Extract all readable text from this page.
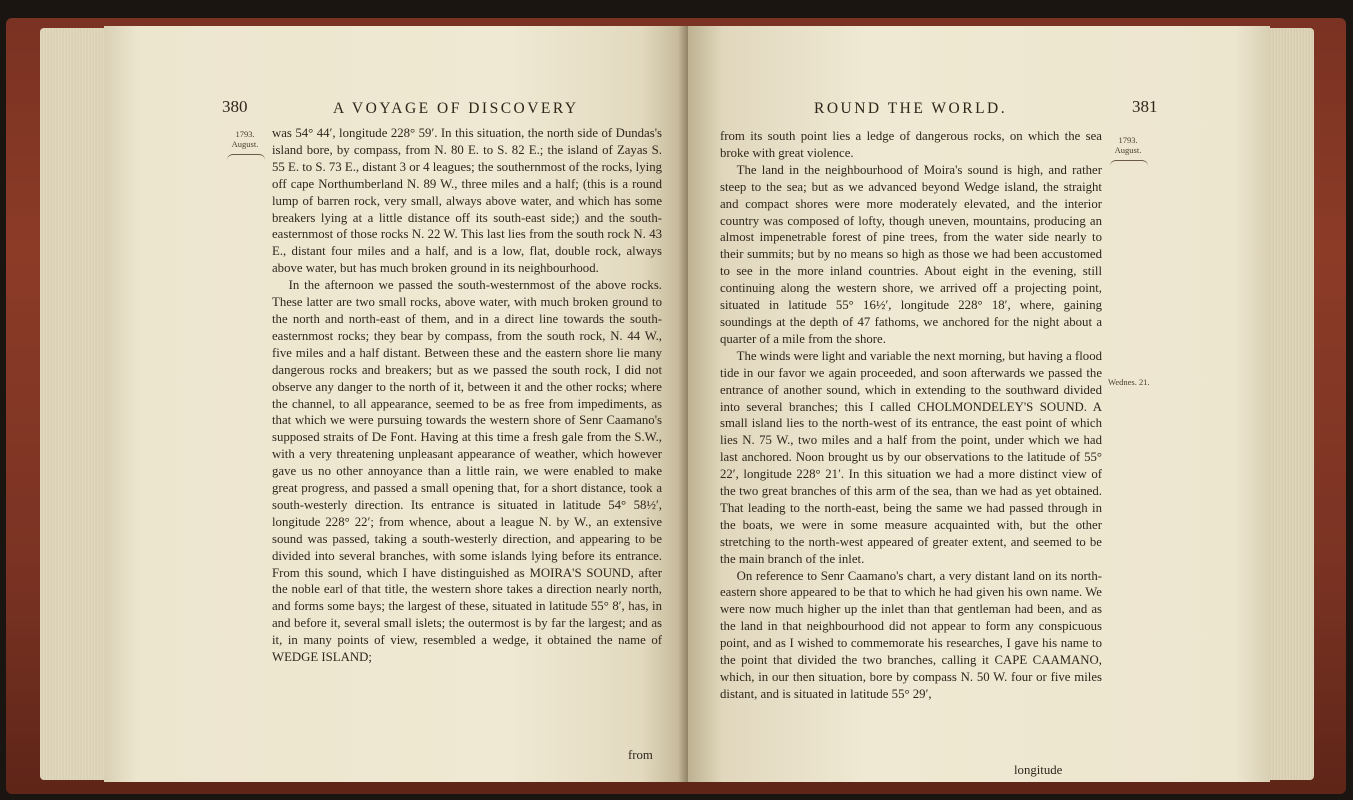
380	A VOYAGE OF DISCOVERY
1793.
August.

was 54° 44′, longitude 228° 59′. In this situation, the north side of Dundas's island bore, by compass, from N. 80 E. to S. 82 E.; the island of Zayas S. 55 E. to S. 73 E., distant 3 or 4 leagues; the southernmost of the rocks, lying off cape Northumberland N. 89 W., three miles and a half; (this is a round lump of barren rock, very small, always above water, and which has some breakers lying at a little distance off its south-east side;) and the south-easternmost of those rocks N. 22 W. This last lies from the south rock N. 43 E., distant four miles and a half, and is a low, flat, double rock, always above water, but has much broken ground in its neighbourhood.

In the afternoon we passed the south-westernmost of the above rocks. These latter are two small rocks, above water, with much broken ground to the north and north-east of them, and in a direct line towards the south-easternmost rocks; they bear by compass, from the south rock, N. 44 W., five miles and a half distant. Between these and the eastern shore lie many dangerous rocks and breakers; but as we passed the south rock, I did not observe any danger to the north of it, between it and the other rocks; where the channel, to all appearance, seemed to be as free from impediments, as that which we were pursuing towards the western shore of Senr Caamano's supposed straits of De Font. Having at this time a fresh gale from the S.W., with a very threatening unpleasant appearance of weather, which however gave us no other annoyance than a little rain, we were enabled to make great progress, and passed a small opening that, for a short distance, took a south-westerly direction. Its entrance is situated in latitude 54° 58½′, longitude 228° 22′; from whence, about a league N. by W., an extensive sound was passed, taking a south-westerly direction, and appearing to be divided into several branches, with some islands lying before its entrance. From this sound, which I have distinguished as MOIRA'S SOUND, after the noble earl of that title, the western shore takes a direction nearly north, and forms some bays; the largest of these, situated in latitude 55° 8′, has, in and before it, several small islets; the outermost is by far the largest; and as it, in many points of view, resembled a wedge, it obtained the name of WEDGE ISLAND;

from
ROUND THE WORLD.	381
1793.
August.
Wednes. 21.

from its south point lies a ledge of dangerous rocks, on which the sea broke with great violence.

The land in the neighbourhood of Moira's sound is high, and rather steep to the sea; but as we advanced beyond Wedge island, the straight and compact shores were more moderately elevated, and the interior country was composed of lofty, though uneven, mountains, producing an almost impenetrable forest of pine trees, from the water side nearly to their summits; but by no means so high as those we had been accustomed to see in the more inland countries. About eight in the evening, still continuing along the western shore, we arrived off a projecting point, situated in latitude 55° 16½′, longitude 228° 18′, where, gaining soundings at the depth of 47 fathoms, we anchored for the night about a quarter of a mile from the shore.

The winds were light and variable the next morning, but having a flood tide in our favor we again proceeded, and soon afterwards we passed the entrance of another sound, which in extending to the southward divided into several branches; this I called CHOLMONDELEY'S SOUND. A small island lies to the north-west of its entrance, the east point of which lies N. 75 W., two miles and a half from the point, under which we had last anchored. Noon brought us by our observations to the latitude of 55° 22′, longitude 228° 21′. In this situation we had a more distinct view of the two great branches of this arm of the sea, than we had as yet obtained. That leading to the north-east, being the same we had passed through in the boats, we were in some measure acquainted with, but the other stretching to the north-west appeared of greater extent, and seemed to be the main branch of the inlet.

On reference to Senr Caamano's chart, a very distant land on its north-eastern shore appeared to be that to which he had given his own name. We were now much higher up the inlet than that gentleman had been, and as the land in that neighbourhood did not appear to form any conspicuous point, and as I wished to commemorate his researches, I gave his name to the point that divided the two branches, calling it CAPE CAAMANO, which, in our then situation, bore by compass N. 50 W. four or five miles distant, and is situated in latitude 55° 29′,

longitude
